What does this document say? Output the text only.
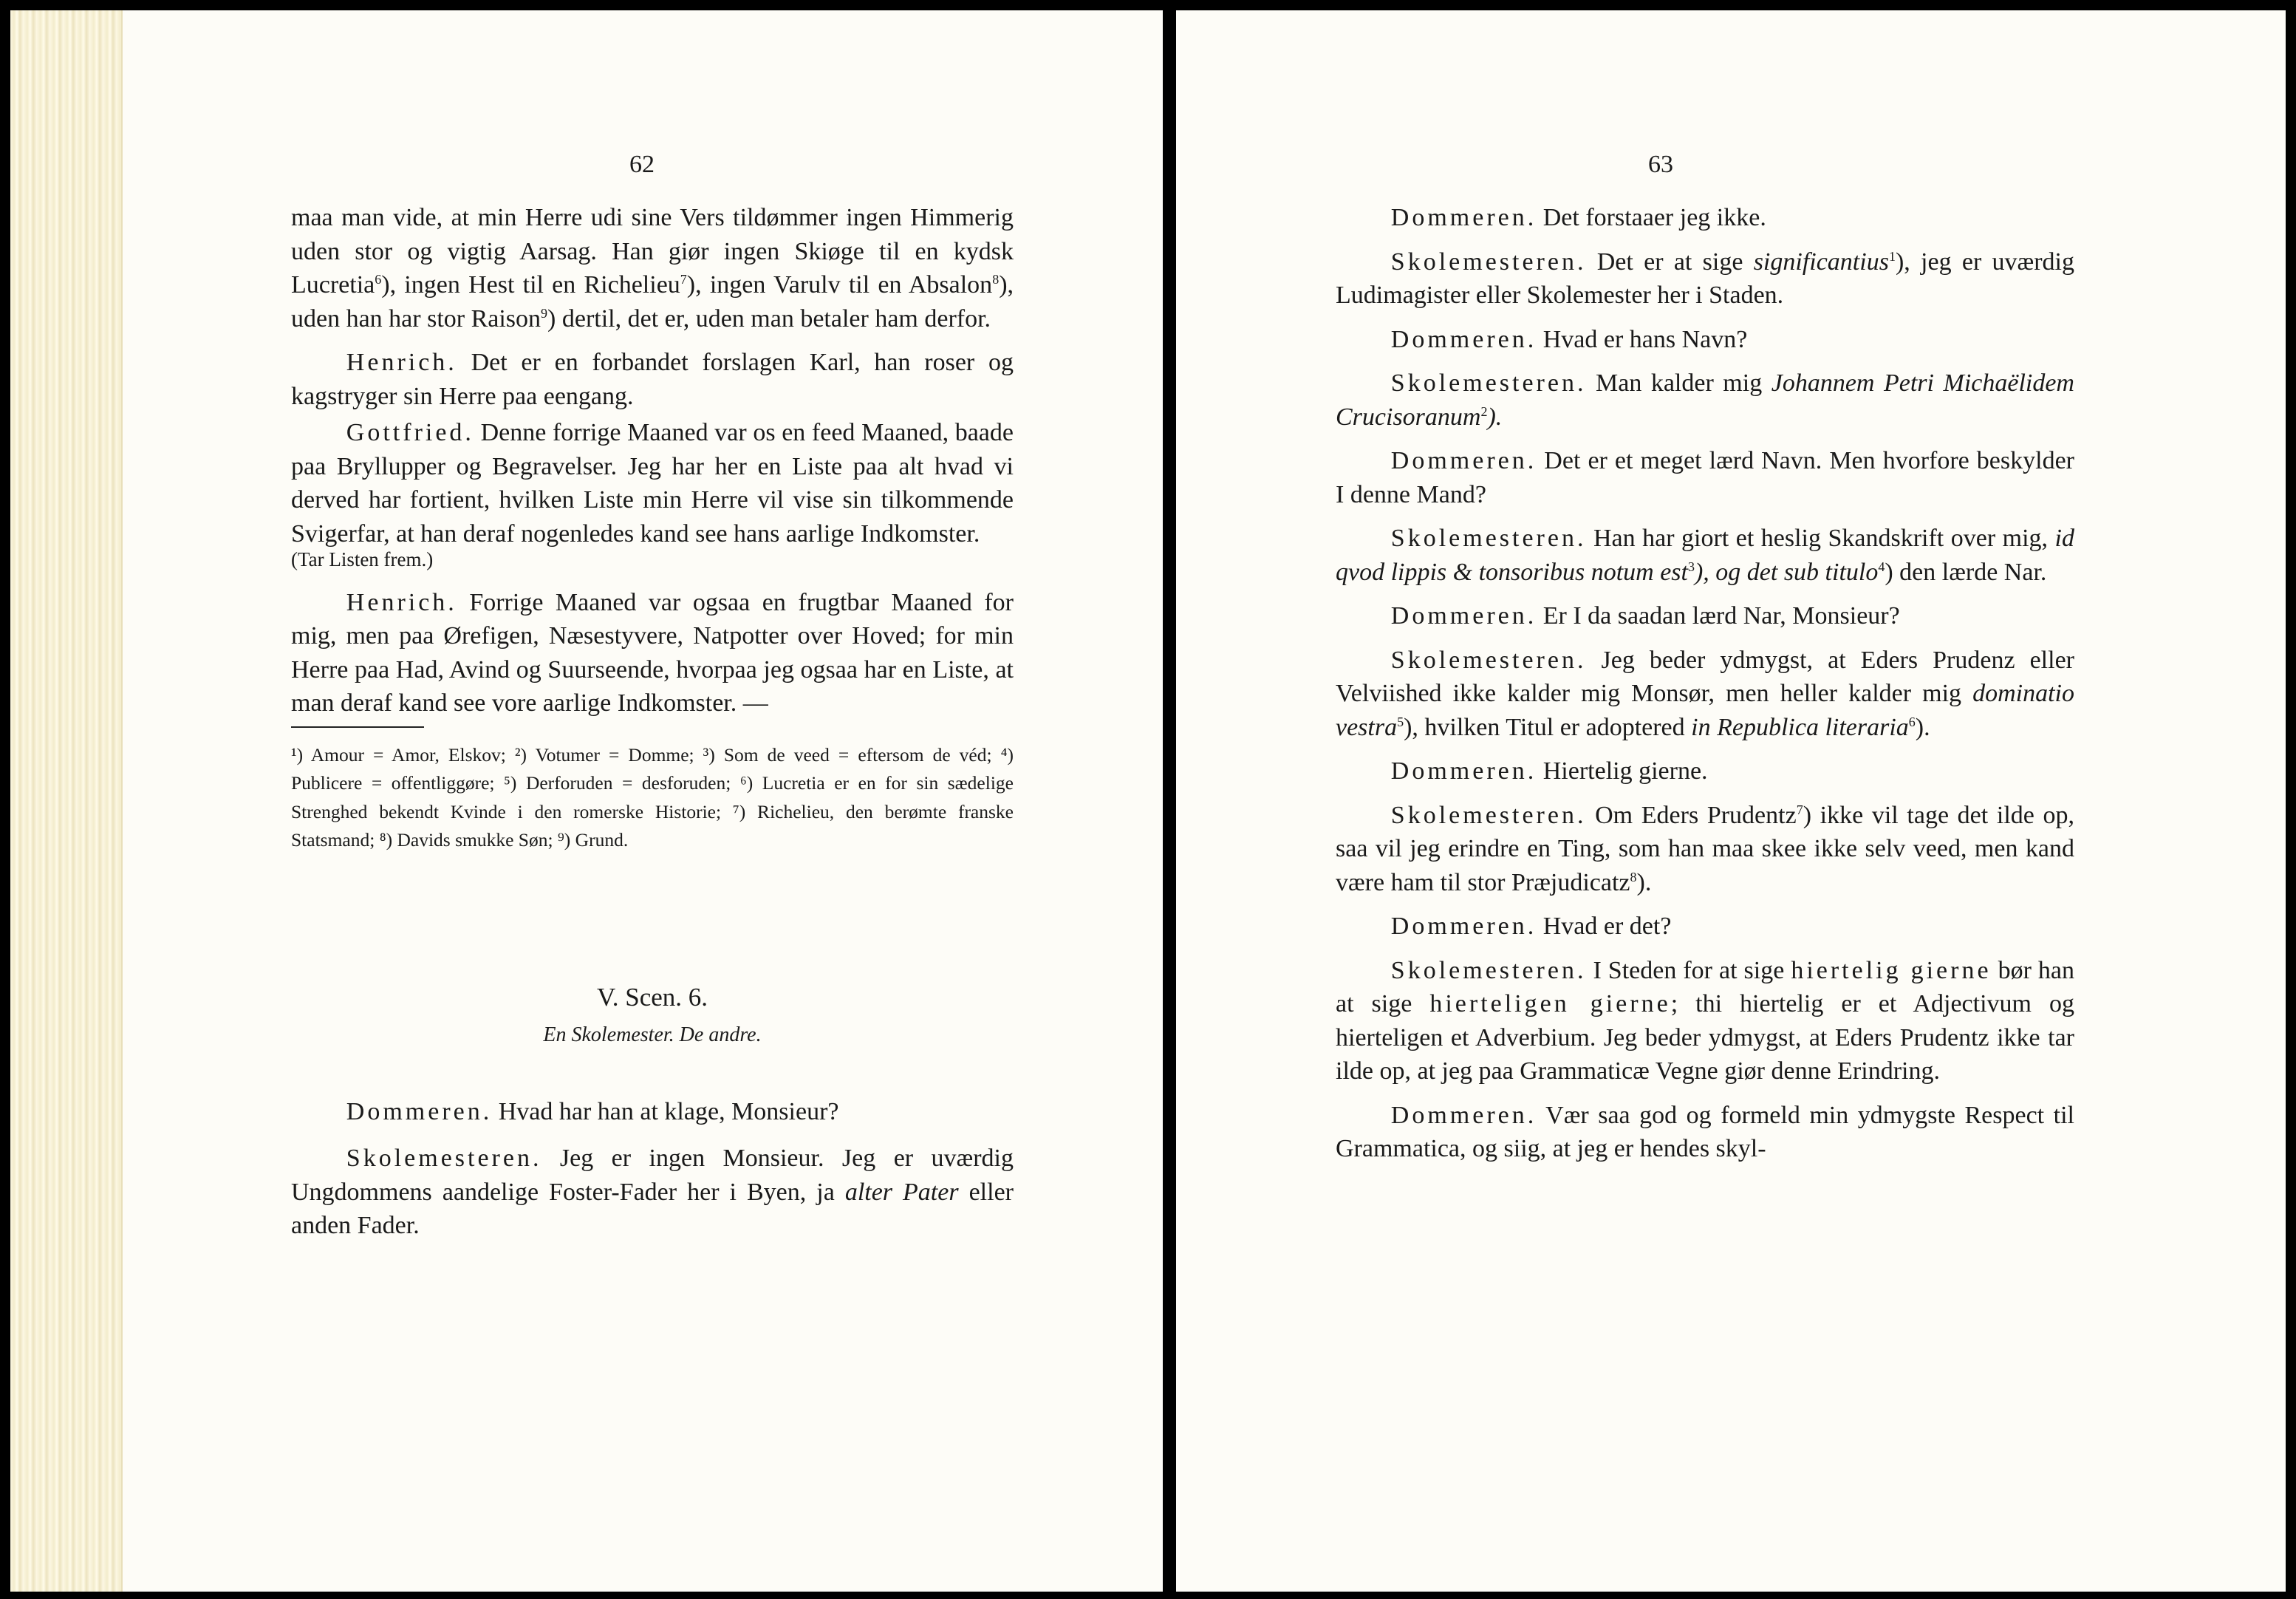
62

maa man vide, at min Herre udi sine Vers tildømmer ingen Himmerig uden stor og vigtig Aarsag. Han giør ingen Skiøge til en kydsk Lucretia$^6$), ingen Hest til en Richelieu$^7$), ingen Varulv til en Absalon$^8$), uden han har stor Raison$^9$) dertil, det er, uden man betaler ham derfor.

Henrich. Det er en forbandet forslagen Karl, han roser og kagstryger sin Herre paa eengang.

Gottfried. Denne forrige Maaned var os en feed Maaned, baade paa Bryllupper og Begravelser. Jeg har her en Liste paa alt hvad vi derved har fortient, hvilken Liste min Herre vil vise sin tilkommende Svigerfar, at han deraf nogenledes kand see hans aarlige Indkomster.

(Tar Listen frem.)

Henrich. Forrige Maaned var ogsaa en frugtbar Maaned for mig, men paa Ørefigen, Næsestyvere, Natpotter over Hoved; for min Herre paa Had, Avind og Suurseende, hvorpaa jeg ogsaa har en Liste, at man deraf kand see vore aarlige Indkomster. —

¹) Amour = Amor, Elskov; ²) Votumer = Domme; ³) Som de veed = eftersom de véd; ⁴) Publicere = offentliggøre; ⁵) Derforuden = desforuden; ⁶) Lucretia er en for sin sædelige Strenghed bekendt Kvinde i den romerske Historie; ⁷) Richelieu, den berømte franske Statsmand; ⁸) Davids smukke Søn; ⁹) Grund.

V. Scen. 6.

En Skolemester. De andre.

Dommeren. Hvad har han at klage, Monsieur?

Skolemesteren. Jeg er ingen Monsieur. Jeg er uværdig Ungdommens aandelige Foster-Fader her i Byen, ja alter Pater eller anden Fader.

63

Dommeren. Det forstaaer jeg ikke.

Skolemesteren. Det er at sige significantius$^1$), jeg er uværdig Ludimagister eller Skolemester her i Staden.

Dommeren. Hvad er hans Navn?

Skolemesteren. Man kalder mig Johannem Petri Michaëlidem Crucisoranum$^2$).

Dommeren. Det er et meget lærd Navn. Men hvorfore beskylder I denne Mand?

Skolemesteren. Han har giort et heslig Skandskrift over mig, id qvod lippis & tonsoribus notum est$^3$), og det sub titulo$^4$) den lærde Nar.

Dommeren. Er I da saadan lærd Nar, Monsieur?

Skolemesteren. Jeg beder ydmygst, at Eders Prudenz eller Velviished ikke kalder mig Monsør, men heller kalder mig dominatio vestra$^5$), hvilken Titul er adoptered in Republica literaria$^6$).

Dommeren. Hiertelig gierne.

Skolemesteren. Om Eders Prudentz$^7$) ikke vil tage det ilde op, saa vil jeg erindre en Ting, som han maa skee ikke selv veed, men kand være ham til stor Præjudicatz$^8$).

Dommeren. Hvad er det?

Skolemesteren. I Steden for at sige hiertelig gierne bør han at sige hierteligen gierne; thi hiertelig er et Adjectivum og hierteligen et Adverbium. Jeg beder ydmygst, at Eders Prudentz ikke tar ilde op, at jeg paa Grammaticæ Vegne giør denne Erindring.

Dommeren. Vær saa god og formeld min ydmygste Respect til Grammatica, og siig, at jeg er hendes skyl-
